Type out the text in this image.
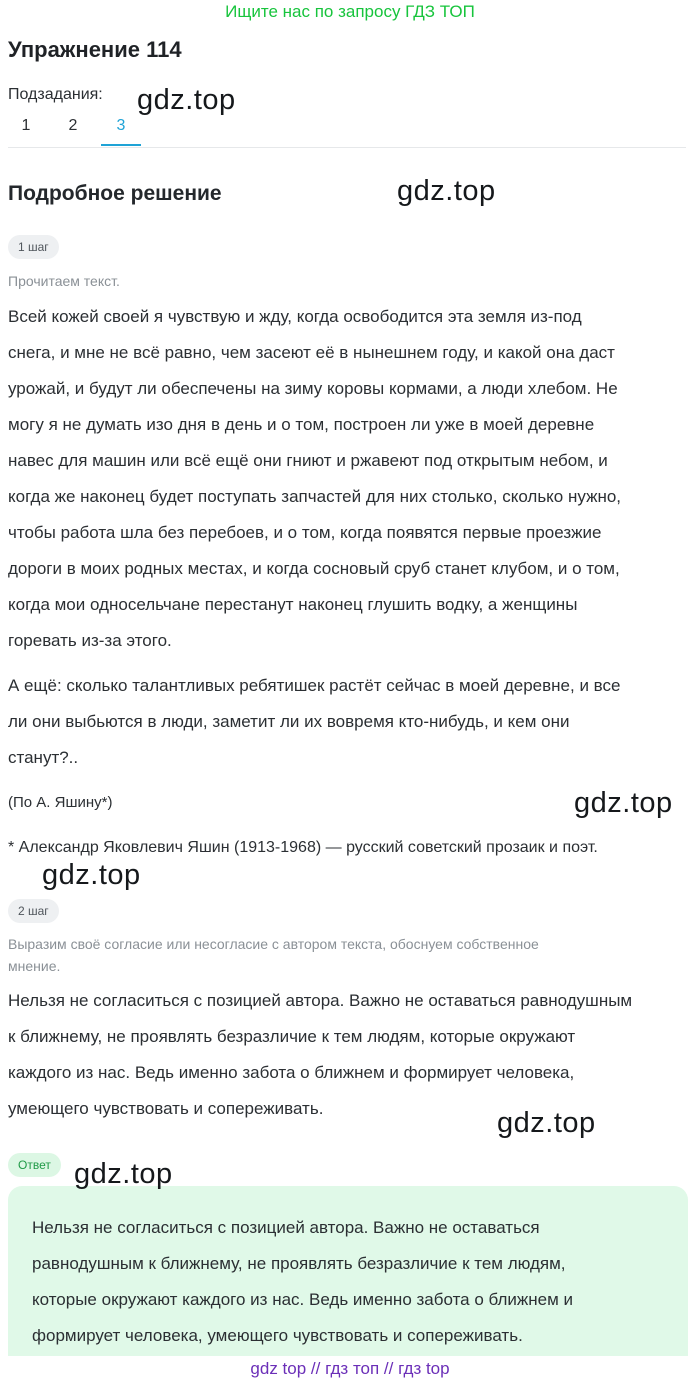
Ищите нас по запросу ГДЗ ТОП
Упражнение 114
Подзадания:
1	2	3
Подробное решение
1 шаг
Прочитаем текст.
Всей кожей своей я чувствую и жду, когда освободится эта земля из-под
снега, и мне не всё равно, чем засеют её в нынешнем году, и какой она даст
урожай, и будут ли обеспечены на зиму коровы кормами, а люди хлебом. Не
могу я не думать изо дня в день и о том, построен ли уже в моей деревне
навес для машин или всё ещё они гниют и ржавеют под открытым небом, и
когда же наконец будет поступать запчастей для них столько, сколько нужно,
чтобы работа шла без перебоев, и о том, когда появятся первые проезжие
дороги в моих родных местах, и когда сосновый сруб станет клубом, и о том,
когда мои односельчане перестанут наконец глушить водку, а женщины
горевать из-за этого.
А ещё: сколько талантливых ребятишек растёт сейчас в моей деревне, и все
ли они выбьются в люди, заметит ли их вовремя кто-нибудь, и кем они
станут?..
(По А. Яшину*)
* Александр Яковлевич Яшин (1913-1968) — русский советский прозаик и поэт.
2 шаг
Выразим своё согласие или несогласие с автором текста, обоснуем собственное
мнение.
Нельзя не согласиться с позицией автора. Важно не оставаться равнодушным
к ближнему, не проявлять безразличие к тем людям, которые окружают
каждого из нас. Ведь именно забота о ближнем и формирует человека,
умеющего чувствовать и сопереживать.
Ответ
Нельзя не согласиться с позицией автора. Важно не оставаться
равнодушным к ближнему, не проявлять безразличие к тем людям,
которые окружают каждого из нас. Ведь именно забота о ближнем и
формирует человека, умеющего чувствовать и сопереживать.
gdz.top
gdz.top
gdz.top
gdz.top
gdz.top
gdz.top
gdz top // гдз топ // гдз top
